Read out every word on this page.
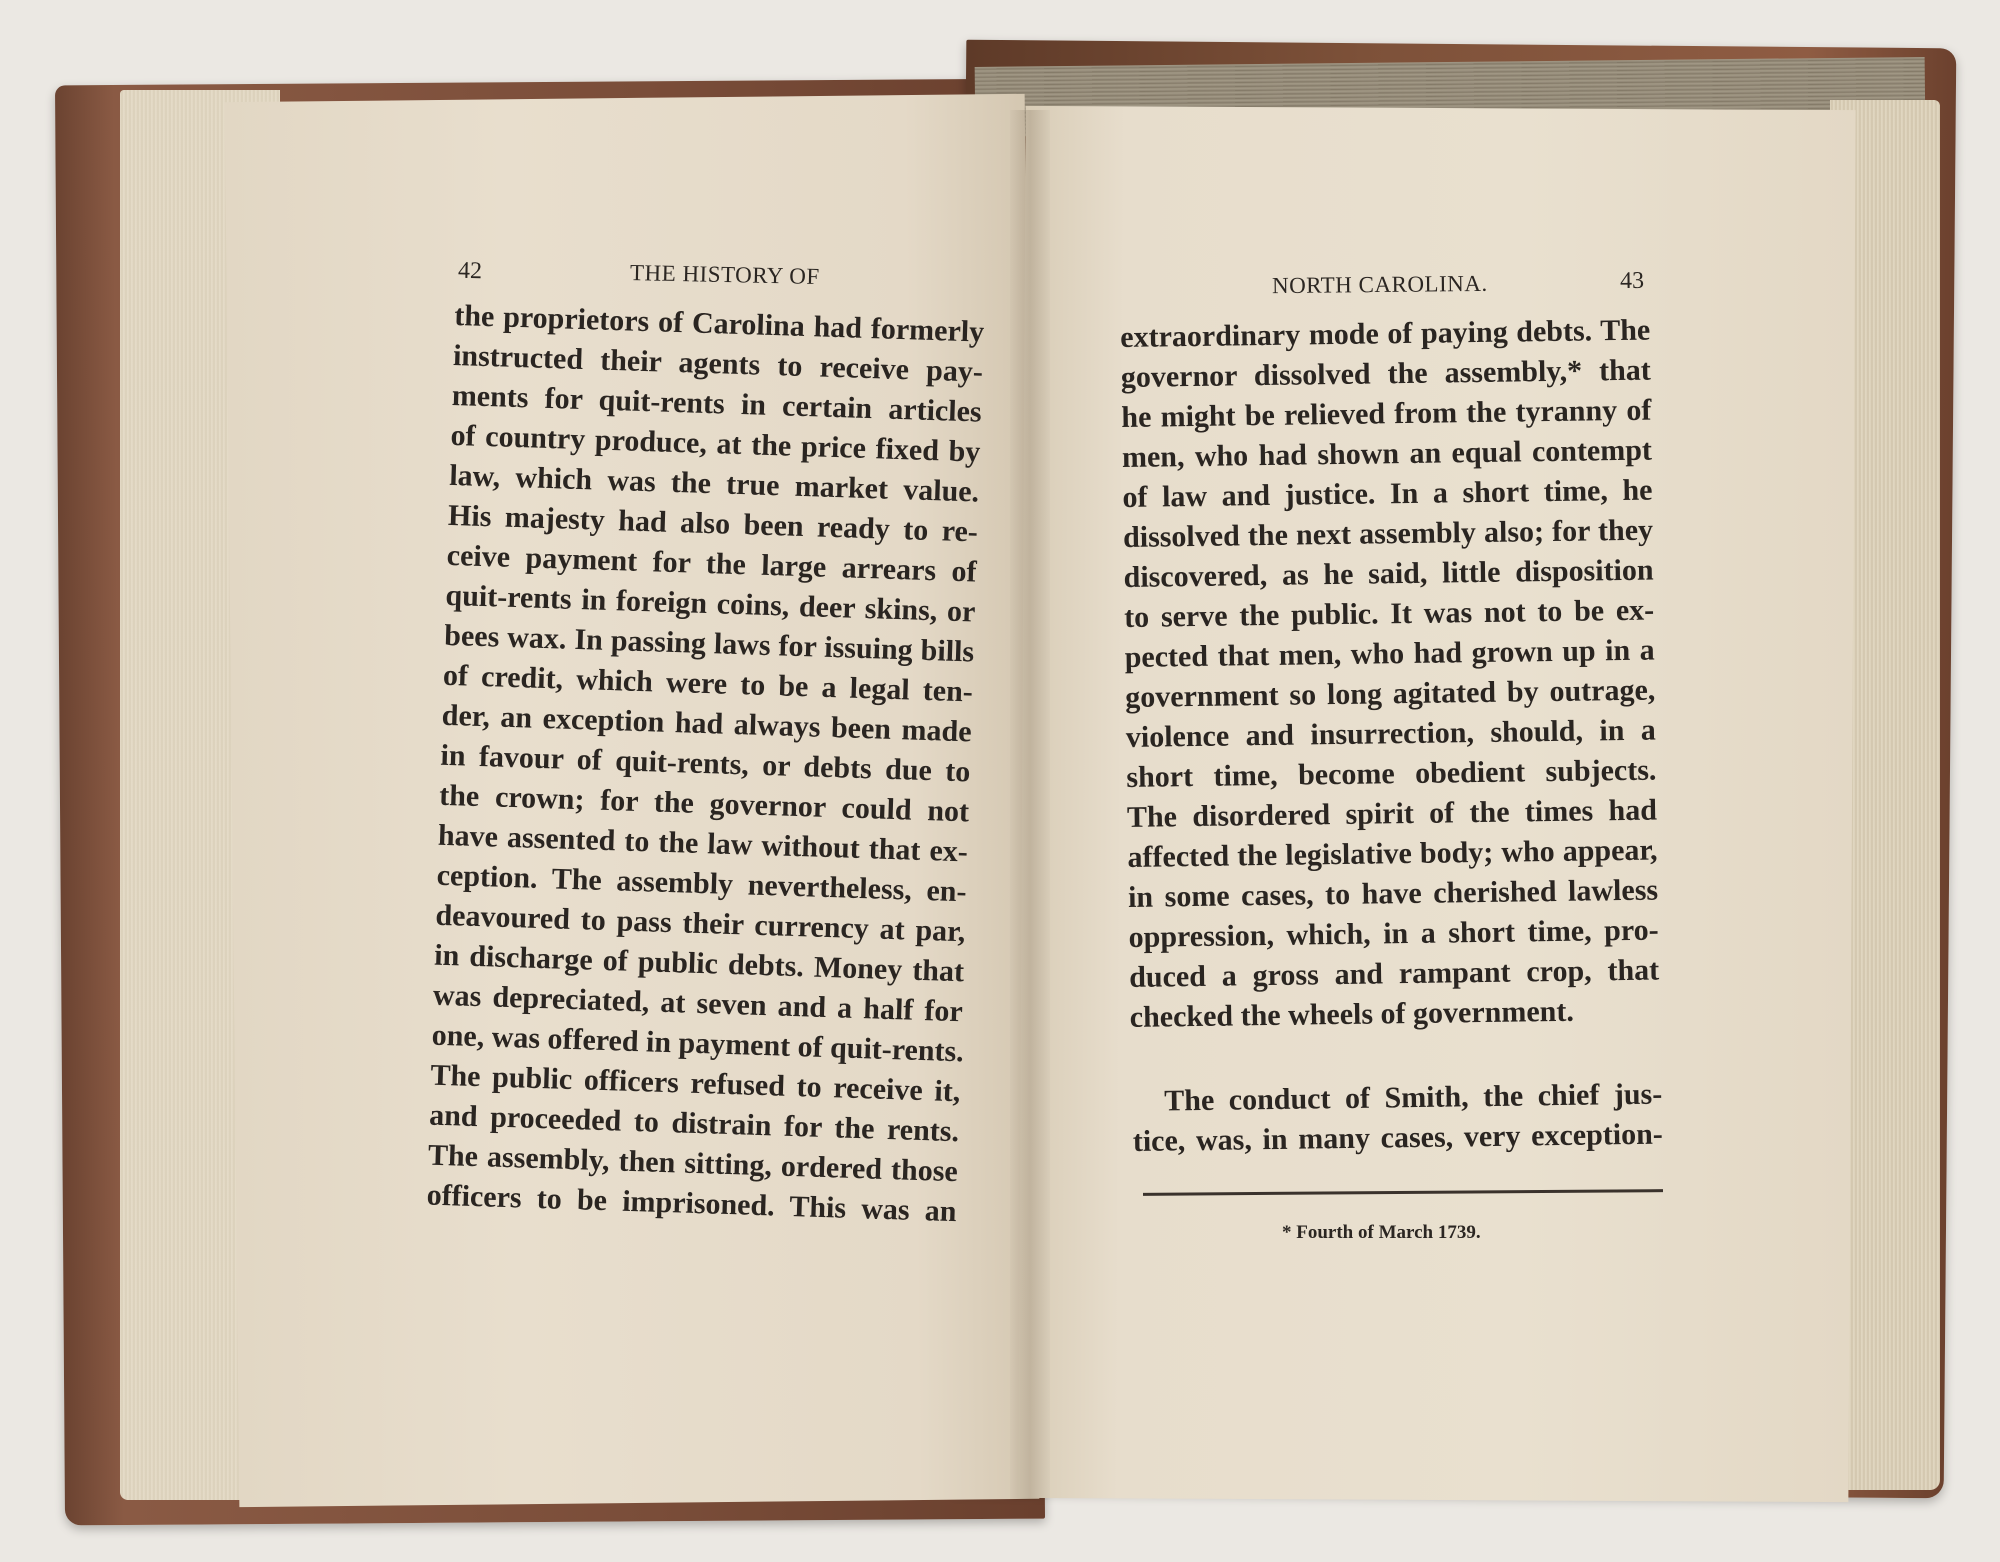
42	THE HISTORY OF
the proprietors of Carolina had formerly
instructed their agents to receive pay-
ments for quit-rents in certain articles
of country produce, at the price fixed by
law, which was the true market value.
His majesty had also been ready to re-
ceive payment for the large arrears of
quit-rents in foreign coins, deer skins, or
bees wax. In passing laws for issuing bills
of credit, which were to be a legal ten-
der, an exception had always been made
in favour of quit-rents, or debts due to
the crown; for the governor could not
have assented to the law without that ex-
ception. The assembly nevertheless, en-
deavoured to pass their currency at par,
in discharge of public debts. Money that
was depreciated, at seven and a half for
one, was offered in payment of quit-rents.
The public officers refused to receive it,
and proceeded to distrain for the rents.
The assembly, then sitting, ordered those
officers to be imprisoned. This was an
NORTH CAROLINA.	43
extraordinary mode of paying debts. The
governor dissolved the assembly,* that
he might be relieved from the tyranny of
men, who had shown an equal contempt
of law and justice. In a short time, he
dissolved the next assembly also; for they
discovered, as he said, little disposition
to serve the public. It was not to be ex-
pected that men, who had grown up in a
government so long agitated by outrage,
violence and insurrection, should, in a
short time, become obedient subjects.
The disordered spirit of the times had
affected the legislative body; who appear,
in some cases, to have cherished lawless
oppression, which, in a short time, pro-
duced a gross and rampant crop, that
checked the wheels of government.
The conduct of Smith, the chief jus-
tice, was, in many cases, very exception-
* Fourth of March 1739.
